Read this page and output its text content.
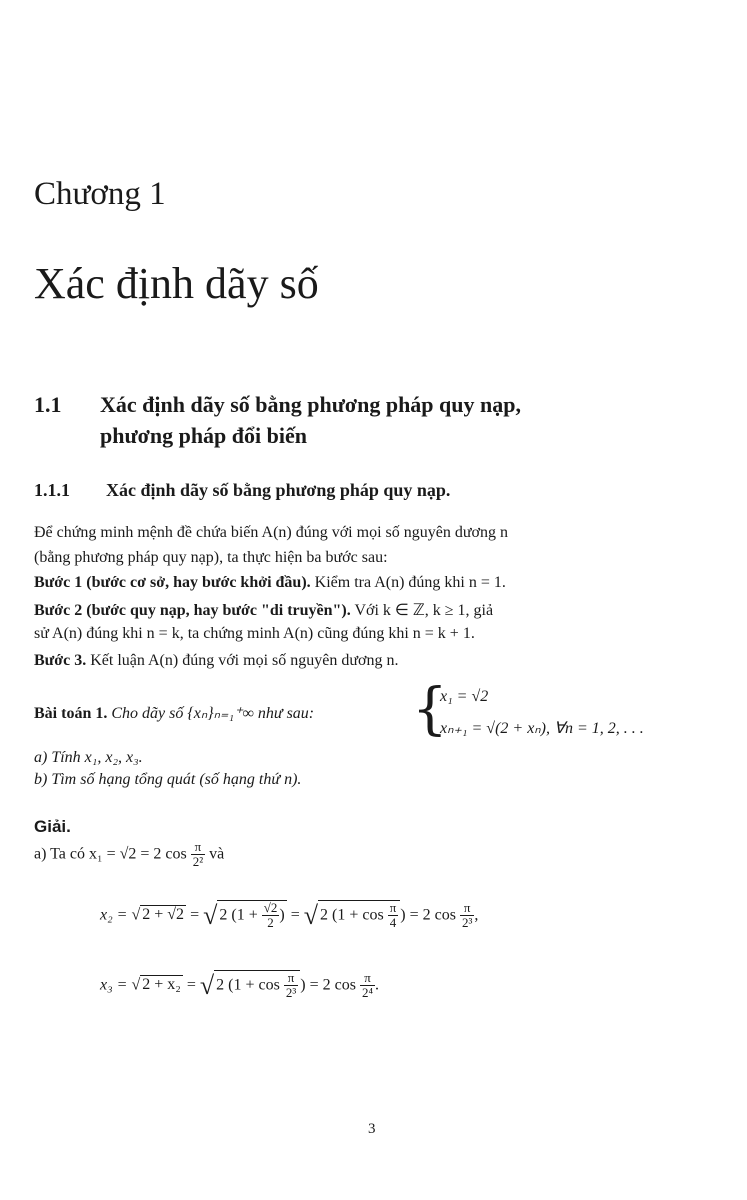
Chương 1
Xác định dãy số
1.1 Xác định dãy số bằng phương pháp quy nạp,
phương pháp đổi biến
1.1.1 Xác định dãy số bằng phương pháp quy nạp.
Để chứng minh mệnh đề chứa biến A(n) đúng với mọi số nguyên dương n
(bằng phương pháp quy nạp), ta thực hiện ba bước sau:
Bước 1 (bước cơ sở, hay bước khởi đầu). Kiểm tra A(n) đúng khi n = 1.
Bước 2 (bước quy nạp, hay bước "di truyền"). Với k ∈ ℤ, k ≥ 1, giả
sử A(n) đúng khi n = k, ta chứng minh A(n) cũng đúng khi n = k + 1.
Bước 3. Kết luận A(n) đúng với mọi số nguyên dương n.
Bài toán 1. Cho dãy số {xₙ}ₙ₌₁⁺∞ như sau: {
x₁ = √2
xₙ₊₁ = √(2 + xₙ), ∀n = 1, 2, . . .
a) Tính x₁, x₂, x₃.
b) Tìm số hạng tổng quát (số hạng thứ n).
Giải.
a) Ta có x₁ = √2 = 2 $\cos \frac{\pi}{\text{2²}}$ và
x₂ = √ 2 + √2 = √ 2 ($1 + \frac{√2}{2}$ ) = √ 2 ($1 + \cos \frac{\pi}{4}$ ) = 2 $\cos \frac{\pi}{\text{2³}}$ ,
x₃ = √ 2 + x₂ = √ 2 ($1 + \cos \frac{\pi}{\text{2³}}$ ) = 2 $\cos \frac{\pi}{\text{2⁴}}$ .
3
